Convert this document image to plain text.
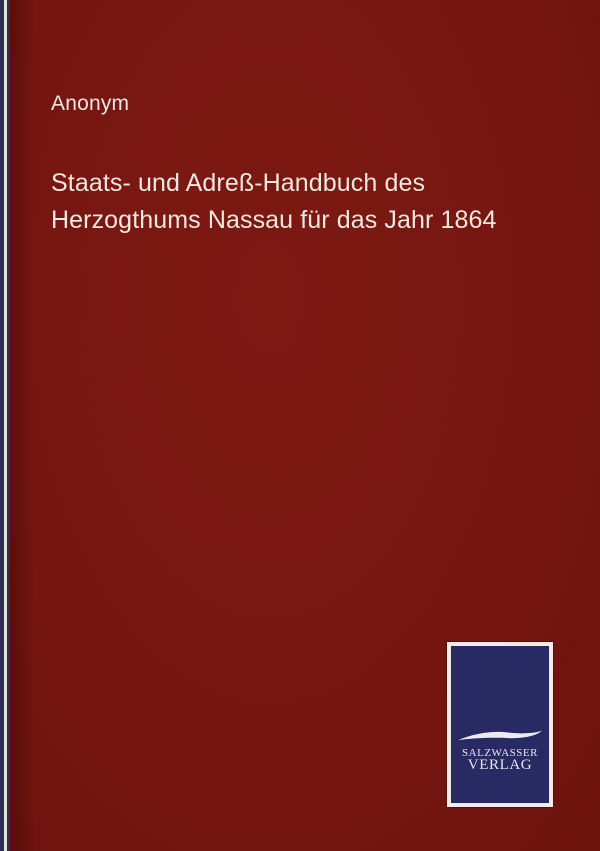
Anonym
Staats- und Adreß-Handbuch des
Herzogthums Nassau für das Jahr 1864
SALZWASSER
VERLAG
